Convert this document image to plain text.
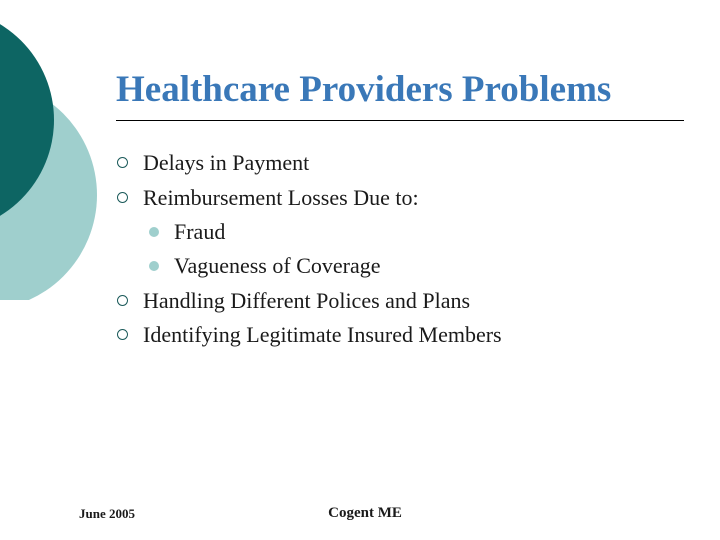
Healthcare Providers Problems
Delays in Payment
Reimbursement Losses Due to:
Fraud
Vagueness of Coverage
Handling Different Polices and Plans
Identifying Legitimate Insured Members
June 2005	Cogent ME
